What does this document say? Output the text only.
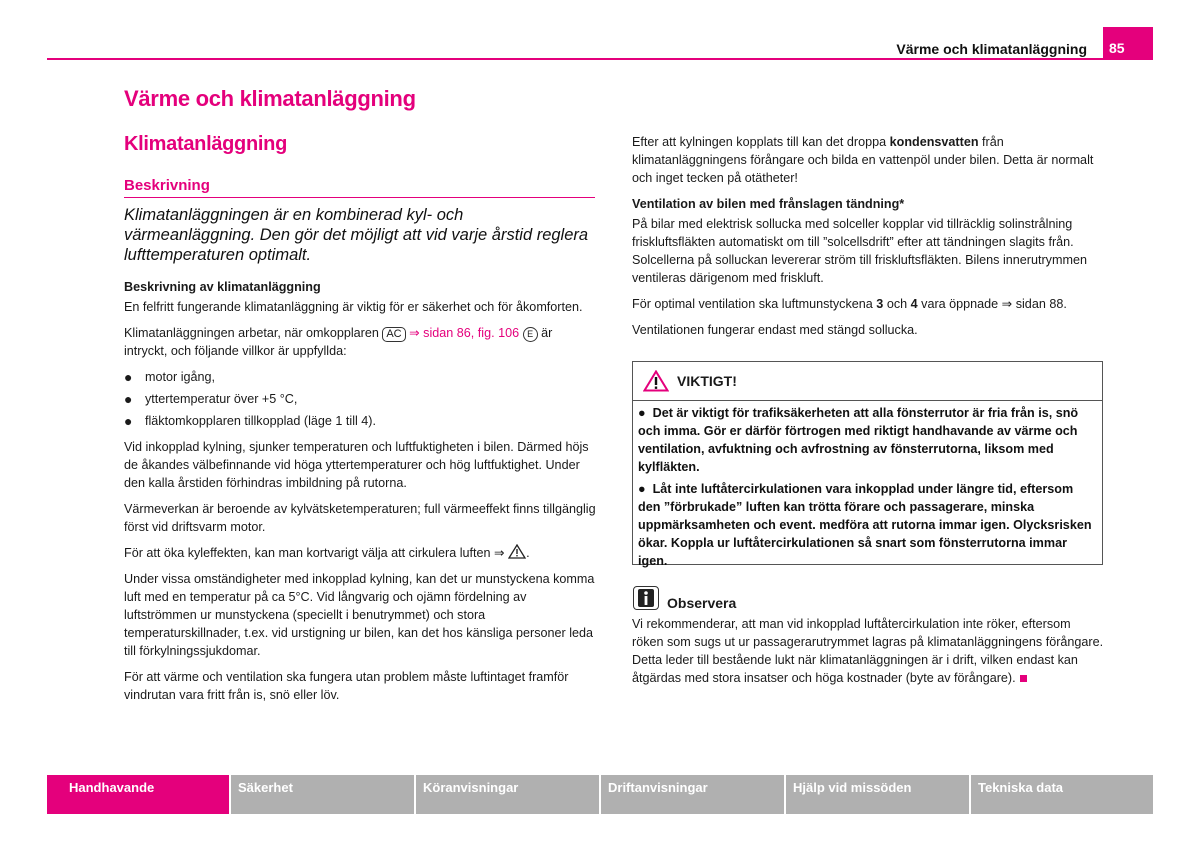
Värme och klimatanläggning	85
Värme och klimatanläggning
Klimatanläggning
Beskrivning
Klimatanläggningen är en kombinerad kyl- och värmeanläggning. Den gör det möjligt att vid varje årstid reglera lufttemperaturen optimalt.

Beskrivning av klimatanläggning

En felfritt fungerande klimatanläggning är viktig för er säkerhet och för åkomforten.

Klimatanläggningen arbetar, när omkopplaren AC ⇒ sidan 86, fig. 106 E är intryckt, och följande villkor är uppfyllda:

● motor igång,

● yttertemperatur över +5 °C,

● fläktomkopplaren tillkopplad (läge 1 till 4).

Vid inkopplad kylning, sjunker temperaturen och luftfuktigheten i bilen. Därmed höjs de åkandes välbefinnande vid höga yttertemperaturer och hög luftfuktighet. Under den kalla årstiden förhindras imbildning på rutorna.

Värmeverkan är beroende av kylvätsketemperaturen; full värmeeffekt finns tillgänglig först vid driftsvarm motor.

För att öka kyleffekten, kan man kortvarigt välja att cirkulera luften ⇒ .

Under vissa omständigheter med inkopplad kylning, kan det ur munstyckena komma luft med en temperatur på ca 5°C. Vid långvarig och ojämn fördelning av luftströmmen ur munstyckena (speciellt i benutrymmet) och stora temperaturskillnader, t.ex. vid urstigning ur bilen, kan det hos känsliga personer leda till förkylningssjukdomar.

För att värme och ventilation ska fungera utan problem måste luftintaget framför vindrutan vara fritt från is, snö eller löv.

Efter att kylningen kopplats till kan det droppa kondensvatten från klimatanläggningens förångare och bilda en vattenpöl under bilen. Detta är normalt och inget tecken på otätheter!

Ventilation av bilen med frånslagen tändning*

På bilar med elektrisk sollucka med solceller kopplar vid tillräcklig solinstrålning friskluftsfläkten automatiskt om till ”solcellsdrift” efter att tändningen slagits från. Solcellerna på solluckan levererar ström till friskluftsfläkten. Bilens innerutrymmen ventileras därigenom med friskluft.

För optimal ventilation ska luftmunstyckena 3 och 4 vara öppnade ⇒ sidan 88.

Ventilationen fungerar endast med stängd sollucka.

VIKTIGT!

●  Det är viktigt för trafiksäkerheten att alla fönsterrutor är fria från is, snö och imma. Gör er därför förtrogen med riktigt handhavande av värme och ventilation, avfuktning och avfrostning av fönsterrutorna, liksom med kylfläkten.

●  Låt inte luftåtercirkulationen vara inkopplad under längre tid, eftersom den ”förbrukade” luften kan trötta förare och passagerare, minska uppmärksamheten och event. medföra att rutorna immar igen. Olycksrisken ökar. Koppla ur luftåtercirkulationen så snart som fönsterrutorna immar igen.

Observera
Vi rekommenderar, att man vid inkopplad luftåtercirkulation inte röker, eftersom röken som sugs ut ur passagerarutrymmet lagras på klimatanläggningens förångare. Detta leder till bestående lukt när klimatanläggningen är i drift, vilken endast kan åtgärdas med stora insatser och höga kostnader (byte av förångare).
Handhavande	Säkerhet	Köranvisningar	Driftanvisningar	Hjälp vid missöden	Tekniska data
